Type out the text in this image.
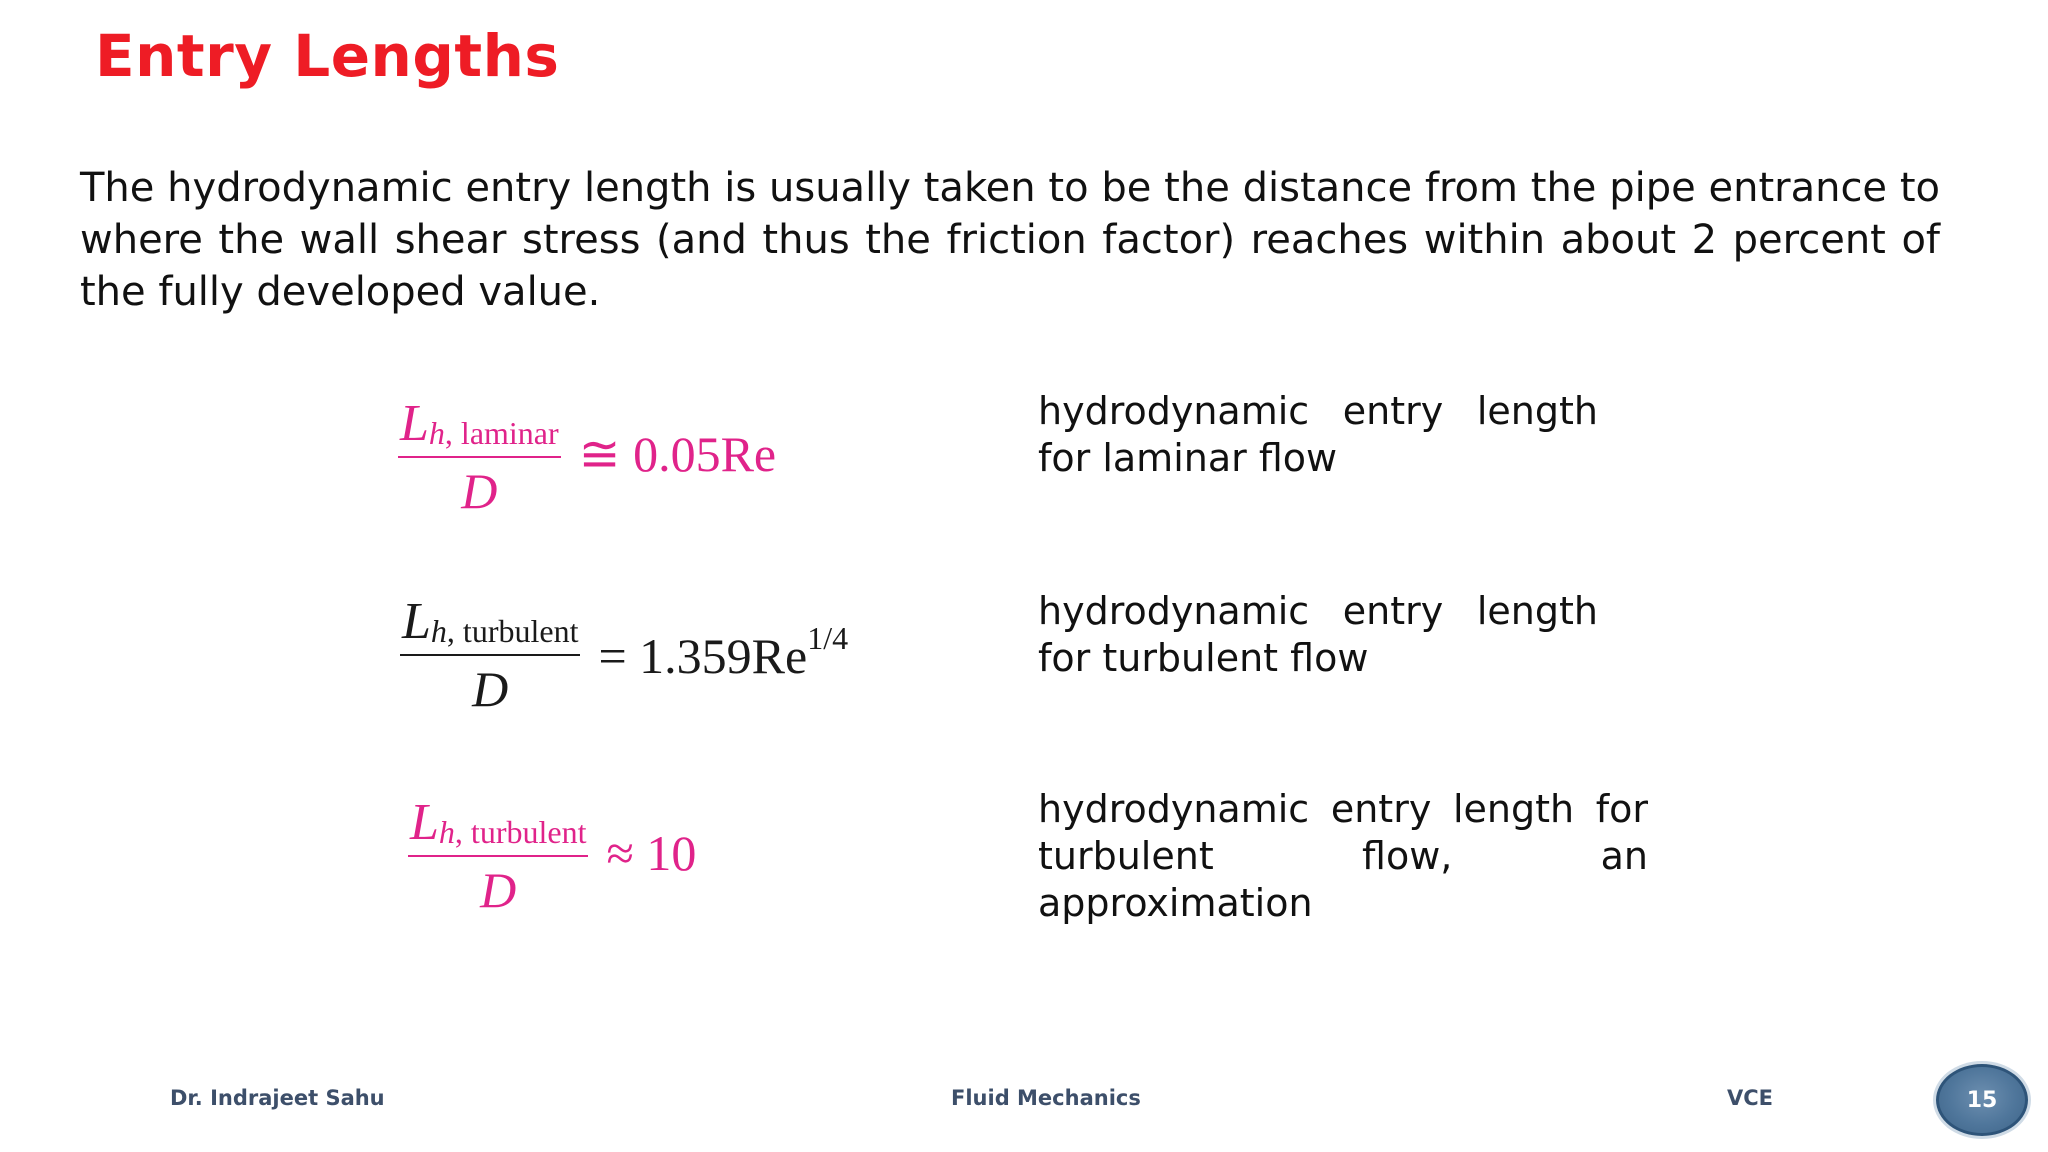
Entry Lengths
The hydrodynamic entry length is usually taken to be the distance from the pipe entrance to where the wall shear stress (and thus the friction factor) reaches within about 2 percent of the fully developed value.
$\frac{\text{Lh, laminar}}{D}$ ≅ 0.05Re
hydrodynamic entry length for laminar flow
$\frac{\text{Lh, turbulent}}{D} = 1.359Re^{1/4}$
hydrodynamic entry length for turbulent flow
$\frac{\text{Lh, turbulent}}{D} \approx 10$
hydrodynamic entry length for turbulent flow, an approximation
Dr. Indrajeet Sahu	Fluid Mechanics	VCE	15
